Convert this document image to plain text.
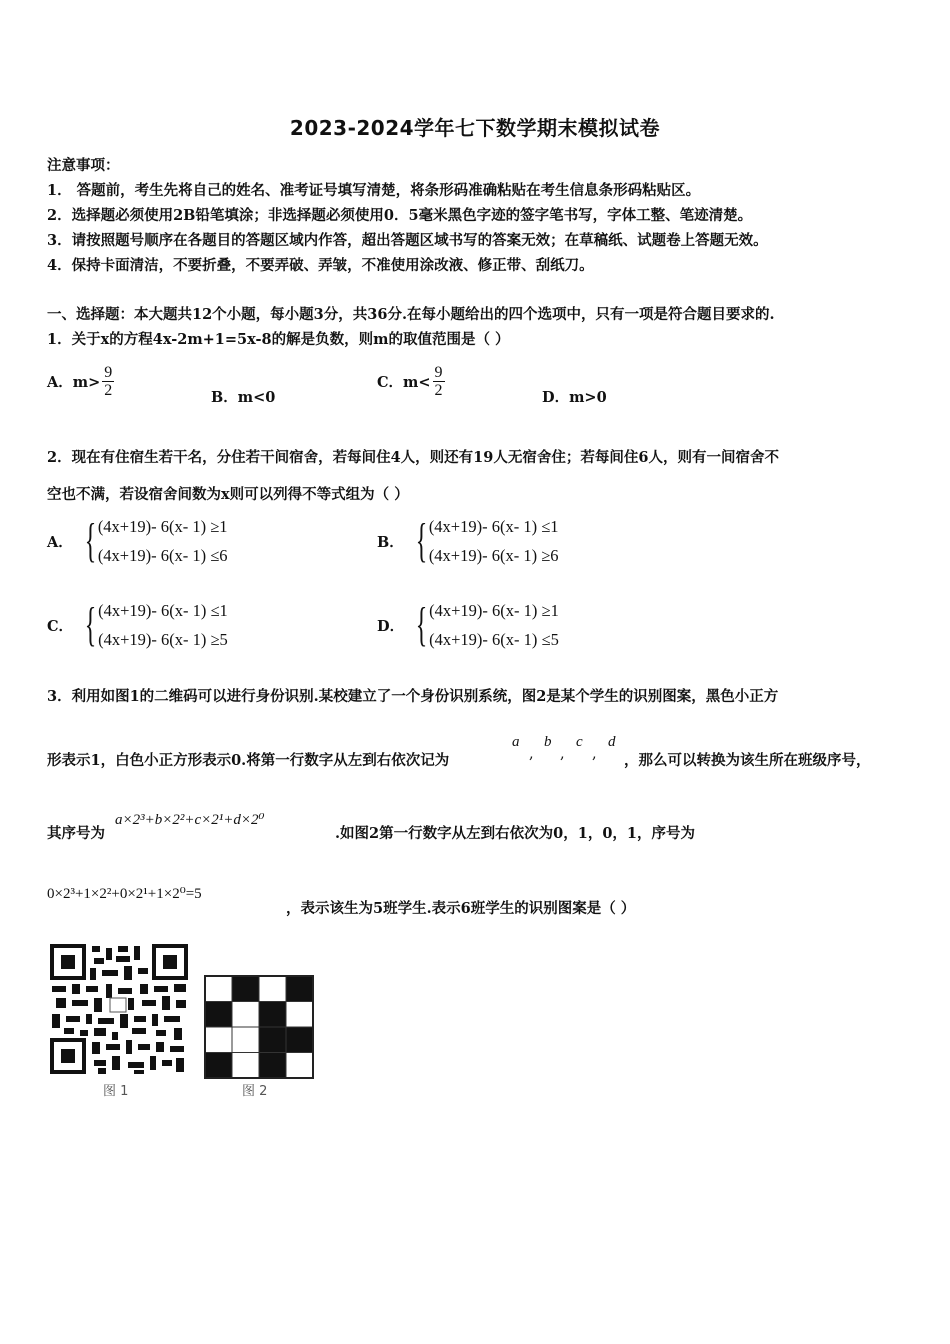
2023-2024学年七下数学期末模拟试卷
注意事项：
1． 答题前，考生先将自己的姓名、准考证号填写清楚，将条形码准确粘贴在考生信息条形码粘贴区。
2．选择题必须使用2B铅笔填涂；非选择题必须使用0．5毫米黑色字迹的签字笔书写，字体工整、笔迹清楚。
3．请按照题号顺序在各题目的答题区域内作答，超出答题区域书写的答案无效；在草稿纸、试题卷上答题无效。
4．保持卡面清洁，不要折叠，不要弄破、弄皱，不准使用涂改液、修正带、刮纸刀。
一、选择题：本大题共12个小题，每小题3分，共36分.在每小题给出的四个选项中，只有一项是符合题目要求的.
1．关于x的方程4x-2m+1=5x-8的解是负数，则m的取值范围是（ ）
A．$m> \frac{9}{2}$	B．m<0
C．$m< \frac{9}{2}$	D．m>0
2．现在有住宿生若干名，分住若干间宿舍，若每间住4人，则还有19人无宿舍住；若每间住6人，则有一间宿舍不
空也不满，若设宿舍间数为x则可以列得不等式组为（ ）
A． { (4x+19)- 6(x- 1) ≥1
(4x+19)- 6(x- 1) ≤6
B． { (4x+19)- 6(x- 1) ≤1
(4x+19)- 6(x- 1) ≥6
C． { (4x+19)- 6(x- 1) ≤1
(4x+19)- 6(x- 1) ≥5
D． { (4x+19)- 6(x- 1) ≥1
(4x+19)- 6(x- 1) ≤5
3．利用如图1的二维码可以进行身份识别.某校建立了一个身份识别系统，图2是某个学生的识别图案，黑色小正方
形表示1，白色小正方形表示0.将第一行数字从左到右依次记为
a
,
b
,
c
,
d
，那么可以转换为该生所在班级序号，
其序号为
a×2³+b×2²+c×2¹+d×2⁰
.如图2第一行数字从左到右依次为0，1，0，1，序号为
0×2³+1×2²+0×2¹+1×2⁰=5
，表示该生为5班学生.表示6班学生的识别图案是（ ）
图 1	图 2
